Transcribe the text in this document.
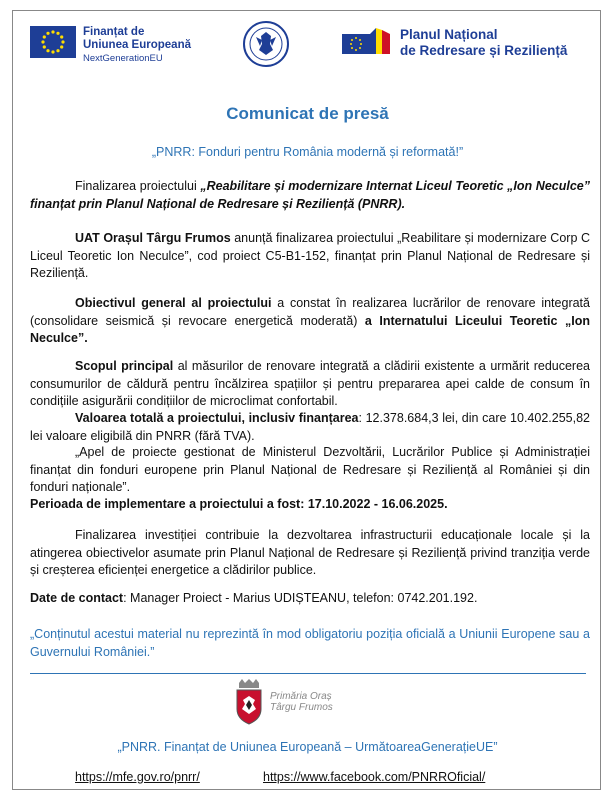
Finanțat de
Uniunea Europeană
NextGenerationEU
Planul Național
de Redresare și Reziliență
Comunicat de presă
„PNRR: Fonduri pentru România modernă și reformată!”
Finalizarea proiectului „Reabilitare și modernizare Internat Liceul Teoretic „Ion Neculce” finanțat prin Planul Național de Redresare și Reziliență (PNRR).
UAT Orașul Târgu Frumos anunță finalizarea proiectului „Reabilitare și modernizare Corp C Liceul Teoretic Ion Neculce”, cod proiect C5-B1-152, finanțat prin Planul Național de Redresare și Reziliență.
Obiectivul general al proiectului a constat în realizarea lucrărilor de renovare integrată (consolidare seismică și revocare energetică moderată) a Internatului Liceului Teoretic „Ion Neculce”.
Scopul principal al măsurilor de renovare integrată a clădirii existente a urmărit reducerea consumurilor de căldură pentru încălzirea spațiilor și pentru prepararea apei calde de consum în condițiile asigurării condițiilor de microclimat confortabil.
Valoarea totală a proiectului, inclusiv finanțarea: 12.378.684,3 lei, din care 10.402.255,82 lei valoare eligibilă din PNRR (fără TVA).
„Apel de proiecte gestionat de Ministerul Dezvoltării, Lucrărilor Publice și Administrației finanțat din fonduri europene prin Planul Național de Redresare și Reziliență al României și din fonduri naționale”.
Perioada de implementare a proiectului a fost: 17.10.2022 - 16.06.2025.
Finalizarea investiției contribuie la dezvoltarea infrastructurii educaționale locale și la atingerea obiectivelor asumate prin Planul Național de Redresare și Reziliență privind tranziția verde și creșterea eficienței energetice a clădirilor publice.
Date de contact: Manager Proiect - Marius UDIȘTEANU, telefon: 0742.201.192.
„Conținutul acestui material nu reprezintă în mod obligatoriu poziția oficială a Uniunii Europene sau a Guvernului României.”
Primăria Oraș
Târgu Frumos
„PNRR. Finanțat de Uniunea Europeană – UrmătoareaGenerațieUE”
https://mfe.gov.ro/pnrr/	https://www.facebook.com/PNRROficial/
